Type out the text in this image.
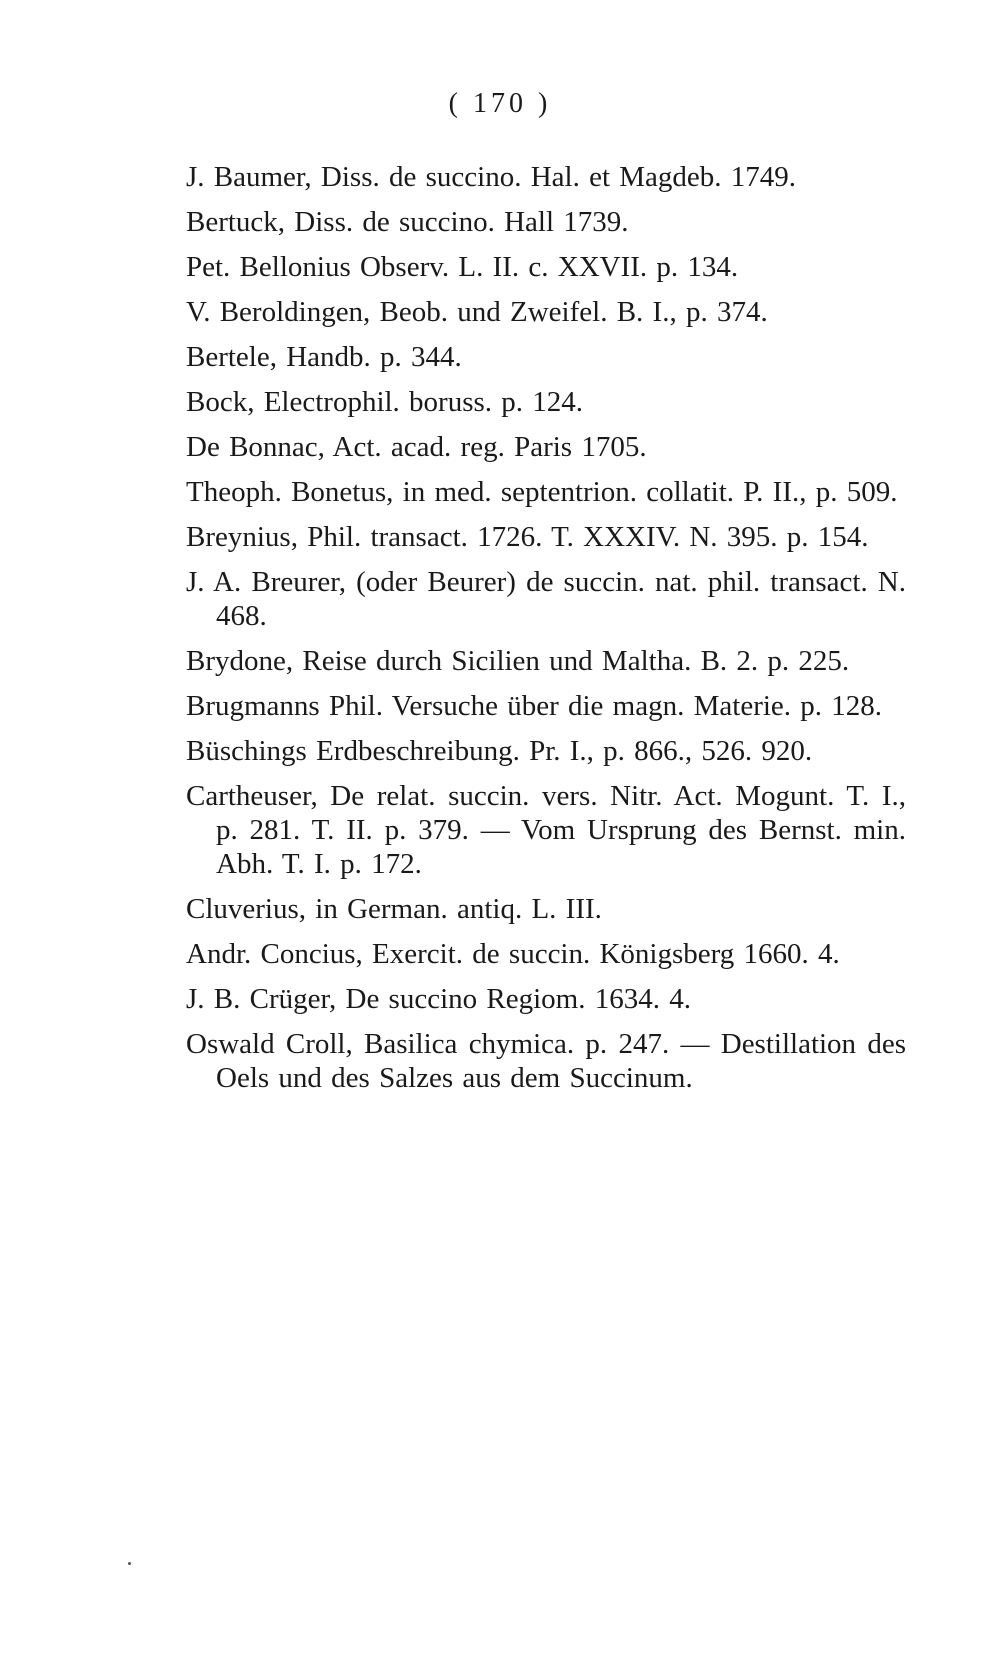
( 170 )
J. Baumer, Diss. de succino. Hal. et Magdeb. 1749.
Bertuck, Diss. de succino. Hall 1739.
Pet. Bellonius Observ. L. II. c. XXVII. p. 134.
V. Beroldingen, Beob. und Zweifel. B. I., p. 374.
Bertele, Handb. p. 344.
Bock, Electrophil. boruss. p. 124.
De Bonnac, Act. acad. reg. Paris 1705.
Theoph. Bonetus, in med. septentrion. collatit. P. II., p. 509.
Breynius, Phil. transact. 1726. T. XXXIV. N. 395. p. 154.
J. A. Breurer, (oder Beurer) de succin. nat. phil. transact. N. 468.
Brydone, Reise durch Sicilien und Maltha. B. 2. p. 225.
Brugmanns Phil. Versuche über die magn. Materie. p. 128.
Büschings Erdbeschreibung. Pr. I., p. 866., 526. 920.
Cartheuser, De relat. succin. vers. Nitr. Act. Mogunt. T. I., p. 281. T. II. p. 379. — Vom Ursprung des Bernst. min. Abh. T. I. p. 172.
Cluverius, in German. antiq. L. III.
Andr. Concius, Exercit. de succin. Königsberg 1660. 4.
J. B. Crüger, De succino Regiom. 1634. 4.
Oswald Croll, Basilica chymica. p. 247. — Destillation des Oels und des Salzes aus dem Succinum.
